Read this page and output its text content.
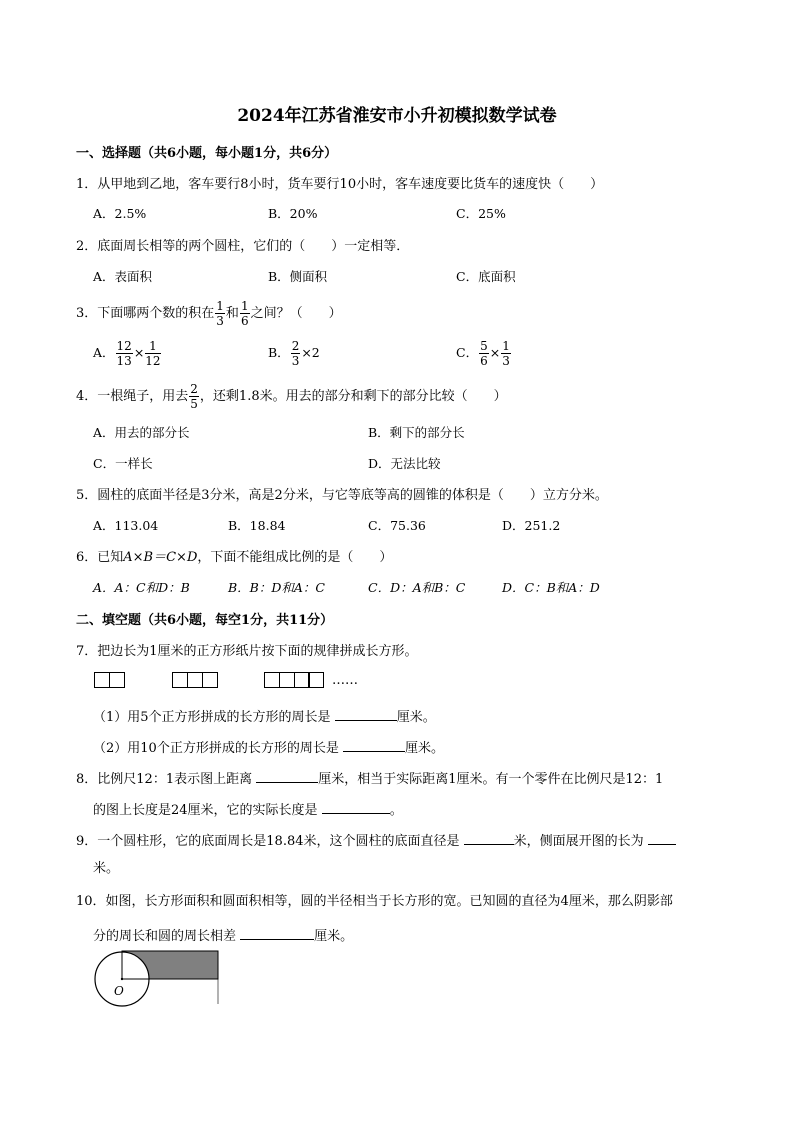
2024年江苏省淮安市小升初模拟数学试卷
一、选择题（共6小题，每小题1分，共6分）
1．从甲地到乙地，客车要行8小时，货车要行10小时，客车速度要比货车的速度快（　　）
A．2.5%	B．20%	C．25%
2．底面周长相等的两个圆柱，它们的（　　）一定相等．
A．表面积	B．侧面积	C．底面积
3．下面哪两个数的积在 $\frac{1}{3}$ 和 $\frac{1}{6}$ 之间？（　　）
A． $\frac{12}{13} \times \frac{1}{12}$	B． $\frac{2}{3} \times 2$	C． $\frac{5}{6} \times \frac{1}{3}$
4．一根绳子，用去 $\frac{2}{5}$ ，还剩1.8米。用去的部分和剩下的部分比较（　　）
A．用去的部分长	B．剩下的部分长
C．一样长	D．无法比较
5．圆柱的底面半径是3分米，高是2分米，与它等底等高的圆锥的体积是（　　）立方分米。
A．113.04	B．18.84	C．75.36	D．251.2
6．已知A×B＝C×D，下面不能组成比例的是（　　）
A．A：C和D：B	B．B：D和A：C	C．D：A和B：C	D．C：B和A：D
二、填空题（共6小题，每空1分，共11分）
7．把边长为1厘米的正方形纸片按下面的规律拼成长方形。
……
（1）用5个正方形拼成的长方形的周长是	厘米。
（2）用10个正方形拼成的长方形的周长是	厘米。
8．比例尺12：1表示图上距离	厘米，相当于实际距离1厘米。有一个零件在比例尺是12：1
的图上长度是24厘米，它的实际长度是	。
9．一个圆柱形，它的底面周长是18.84米，这个圆柱的底面直径是	米，侧面展开图的长为
米。
10．如图，长方形面积和圆面积相等，圆的半径相当于长方形的宽。已知圆的直径为4厘米，那么阴影部
分的周长和圆的周长相差	厘米。
O
